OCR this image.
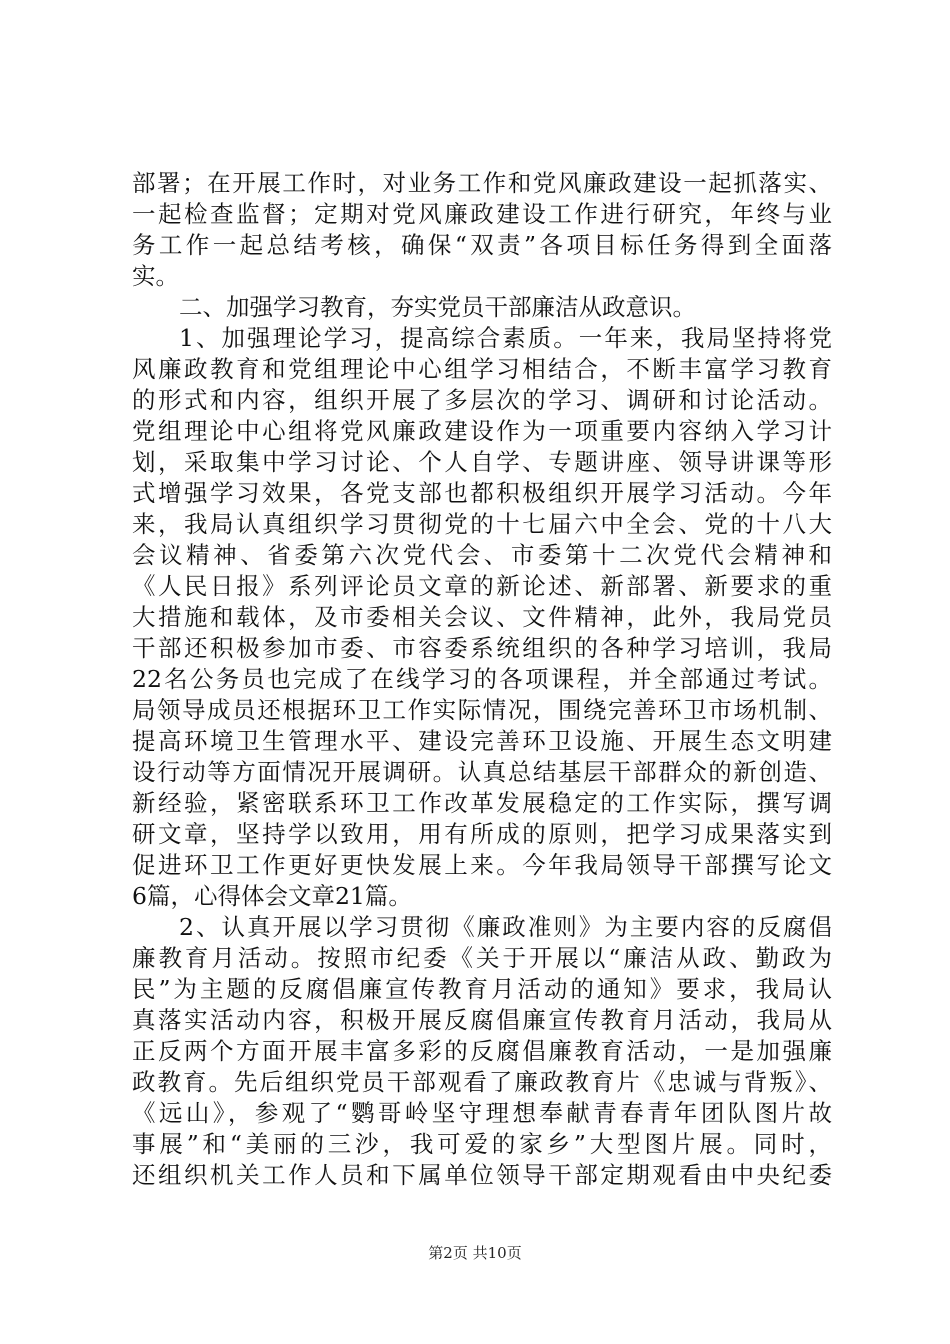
部署；在开展工作时，对业务工作和党风廉政建设一起抓落实、
一起检查监督；定期对党风廉政建设工作进行研究，年终与业
务工作一起总结考核，确保“双责”各项目标任务得到全面落
实。
二、加强学习教育，夯实党员干部廉洁从政意识。
1、加强理论学习，提高综合素质。一年来，我局坚持将党
风廉政教育和党组理论中心组学习相结合，不断丰富学习教育
的形式和内容，组织开展了多层次的学习、调研和讨论活动。
党组理论中心组将党风廉政建设作为一项重要内容纳入学习计
划，采取集中学习讨论、个人自学、专题讲座、领导讲课等形
式增强学习效果，各党支部也都积极组织开展学习活动。今年
来，我局认真组织学习贯彻党的十七届六中全会、党的十八大
会议精神、省委第六次党代会、市委第十二次党代会精神和
《人民日报》系列评论员文章的新论述、新部署、新要求的重
大措施和载体，及市委相关会议、文件精神，此外，我局党员
干部还积极参加市委、市容委系统组织的各种学习培训，我局
22名公务员也完成了在线学习的各项课程，并全部通过考试。
局领导成员还根据环卫工作实际情况，围绕完善环卫市场机制、
提高环境卫生管理水平、建设完善环卫设施、开展生态文明建
设行动等方面情况开展调研。认真总结基层干部群众的新创造、
新经验，紧密联系环卫工作改革发展稳定的工作实际，撰写调
研文章，坚持学以致用，用有所成的原则，把学习成果落实到
促进环卫工作更好更快发展上来。今年我局领导干部撰写论文
6篇，心得体会文章21篇。
2、认真开展以学习贯彻《廉政准则》为主要内容的反腐倡
廉教育月活动。按照市纪委《关于开展以“廉洁从政、勤政为
民”为主题的反腐倡廉宣传教育月活动的通知》要求，我局认
真落实活动内容，积极开展反腐倡廉宣传教育月活动，我局从
正反两个方面开展丰富多彩的反腐倡廉教育活动，一是加强廉
政教育。先后组织党员干部观看了廉政教育片《忠诚与背叛》、
《远山》，参观了“鹦哥岭坚守理想奉献青春青年团队图片故
事展”和“美丽的三沙，我可爱的家乡”大型图片展。同时，
还组织机关工作人员和下属单位领导干部定期观看由中央纪委
第2页 共10页
